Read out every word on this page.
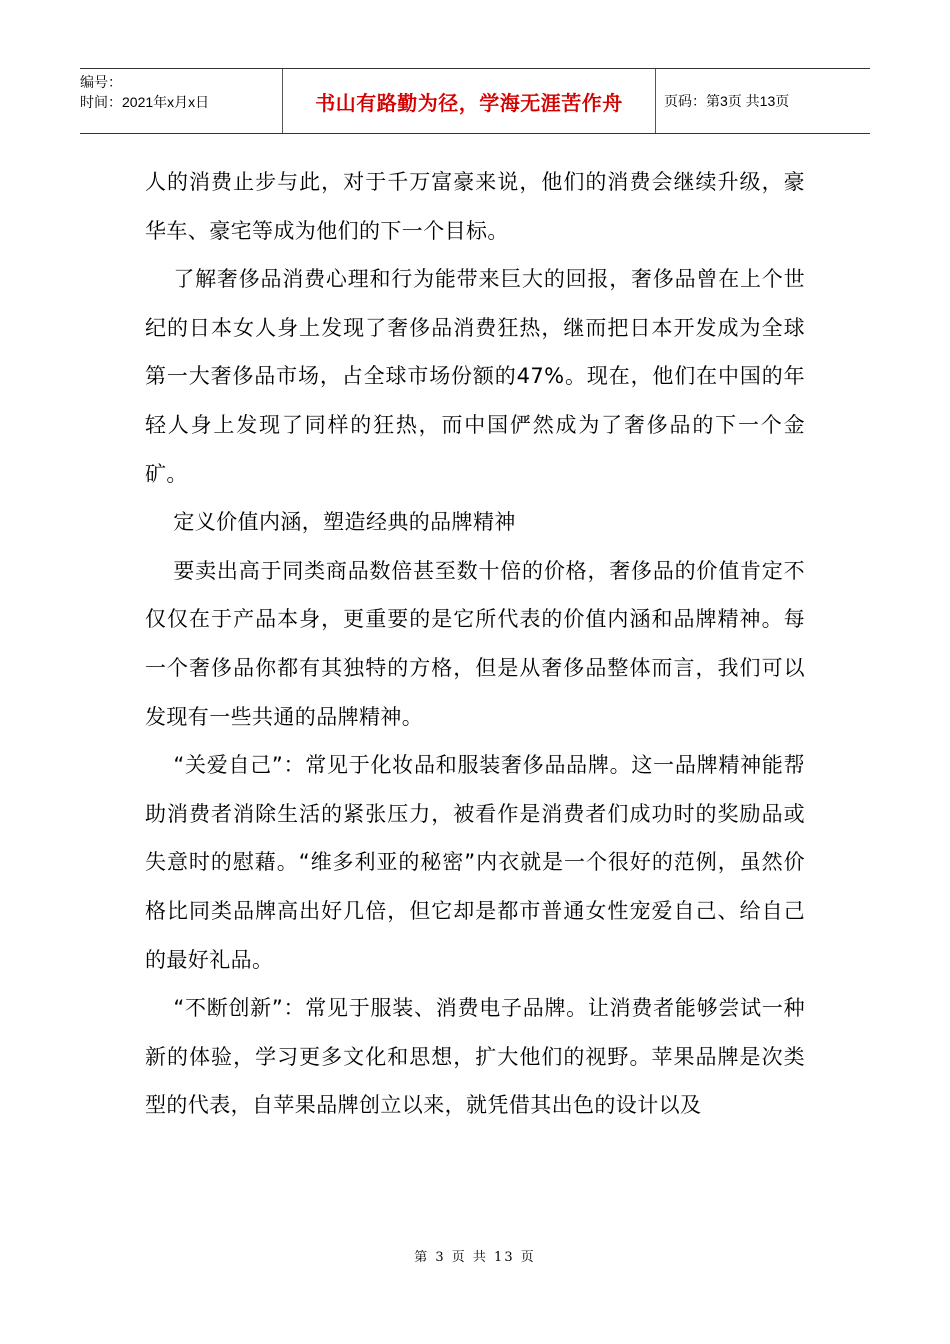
编号：
时间：2021年x月x日	书山有路勤为径，学海无涯苦作舟	页码：第3页 共13页

人的消费止步与此，对于千万富豪来说，他们的消费会继续升级，豪华车、豪宅等成为他们的下一个目标。

了解奢侈品消费心理和行为能带来巨大的回报，奢侈品曾在上个世纪的日本女人身上发现了奢侈品消费狂热，继而把日本开发成为全球第一大奢侈品市场，占全球市场份额的47%。现在，他们在中国的年轻人身上发现了同样的狂热，而中国俨然成为了奢侈品的下一个金矿。

定义价值内涵，塑造经典的品牌精神

要卖出高于同类商品数倍甚至数十倍的价格，奢侈品的价值肯定不仅仅在于产品本身，更重要的是它所代表的价值内涵和品牌精神。每一个奢侈品你都有其独特的方格，但是从奢侈品整体而言，我们可以发现有一些共通的品牌精神。

“关爱自己”：常见于化妆品和服装奢侈品品牌。这一品牌精神能帮助消费者消除生活的紧张压力，被看作是消费者们成功时的奖励品或失意时的慰藉。“维多利亚的秘密”内衣就是一个很好的范例，虽然价格比同类品牌高出好几倍，但它却是都市普通女性宠爱自己、给自己的最好礼品。

“不断创新”：常见于服装、消费电子品牌。让消费者能够尝试一种新的体验，学习更多文化和思想，扩大他们的视野。苹果品牌是次类型的代表，自苹果品牌创立以来，就凭借其出色的设计以及

第 3 页 共 13 页
